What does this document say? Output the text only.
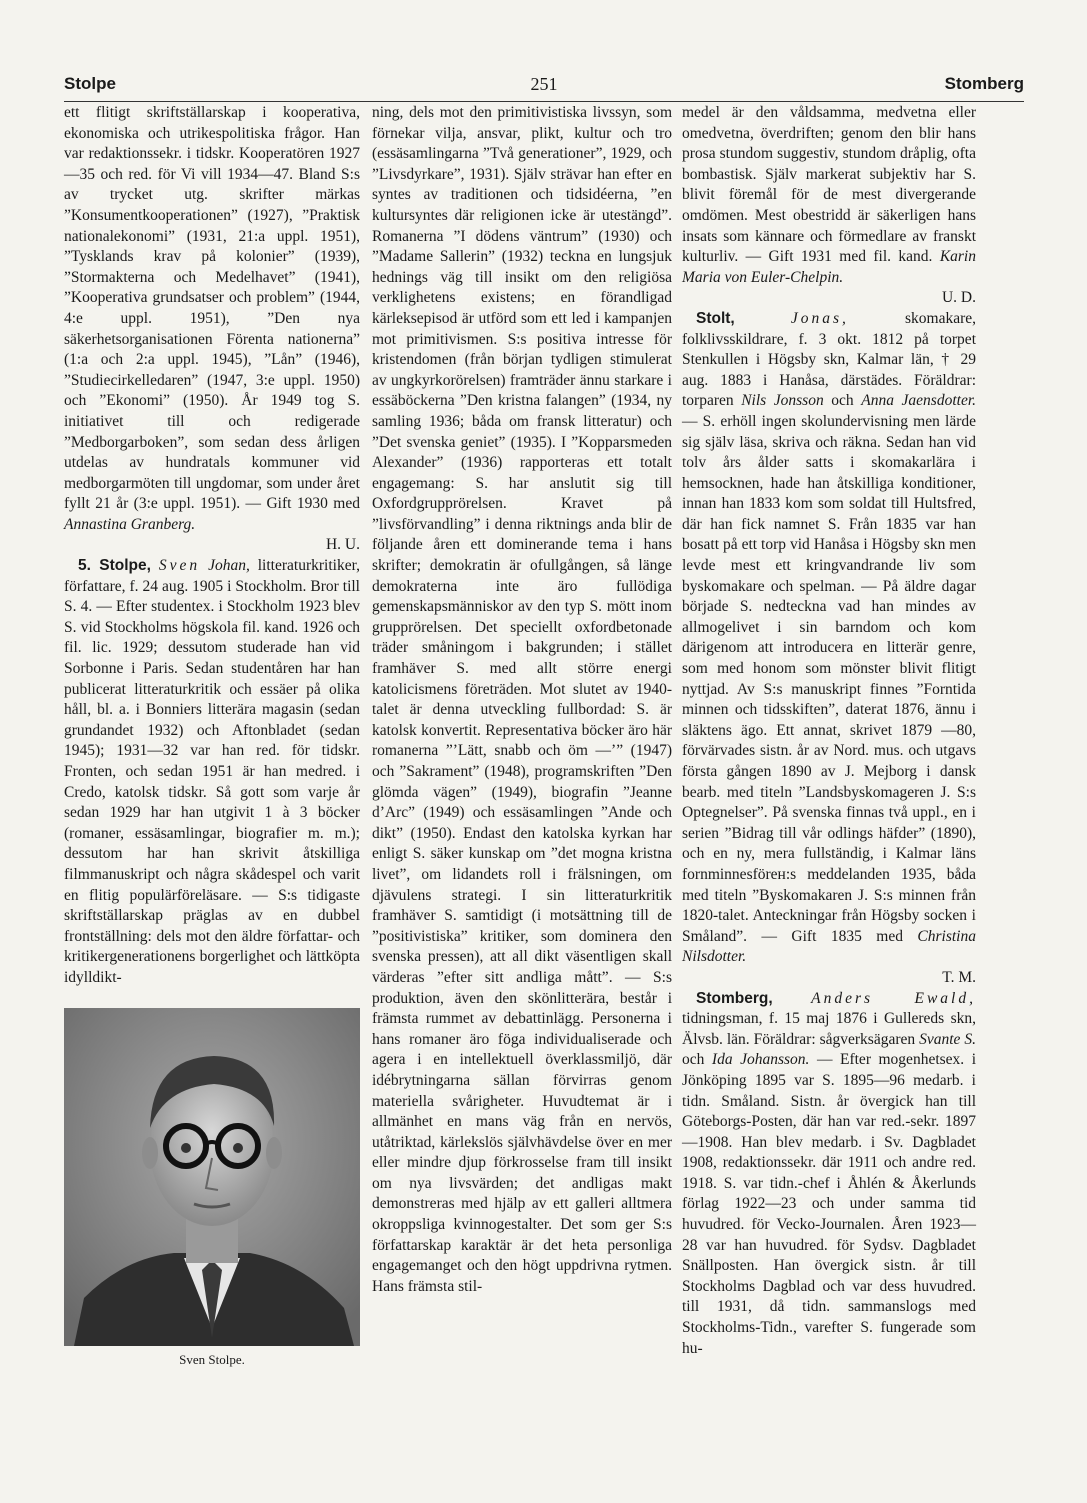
Stolpe	251	Stomberg

ett flitigt skriftställarskap i kooperativa, ekonomiska och utrikespolitiska frågor. Han var redaktionssekr. i tidskr. Kooperatören 1927—35 och red. för Vi vill 1934—47. Bland S:s av trycket utg. skrifter märkas ”Konsumentkooperationen” (1927), ”Praktisk nationalekonomi” (1931, 21:a uppl. 1951), ”Tysklands krav på kolonier” (1939), ”Stormakterna och Medelhavet” (1941), ”Kooperativa grundsatser och problem” (1944, 4:e uppl. 1951), ”Den nya säkerhetsorganisationen Förenta nationerna” (1:a och 2:a uppl. 1945), ”Lån” (1946), ”Studiecirkelledaren” (1947, 3:e uppl. 1950) och ”Ekonomi” (1950). År 1949 tog S. initiativet till och redigerade ”Medborgarboken”, som sedan dess årligen utdelas av hundratals kommuner vid medborgarmöten till ungdomar, som under året fyllt 21 år (3:e uppl. 1951). — Gift 1930 med Annastina Granberg.
H. U.

5. Stolpe, Sven Johan, litteraturkritiker, författare, f. 24 aug. 1905 i Stockholm. Bror till S. 4. — Efter studentex. i Stockholm 1923 blev S. vid Stockholms högskola fil. kand. 1926 och fil. lic. 1929; dessutom studerade han vid Sorbonne i Paris. Sedan studentåren har han publicerat litteraturkritik och essäer på olika håll, bl. a. i Bonniers litterära magasin (sedan grundandet 1932) och Aftonbladet (sedan 1945); 1931—32 var han red. för tidskr. Fronten, och sedan 1951 är han medred. i Credo, katolsk tidskr. Så gott som varje år sedan 1929 har han utgivit 1 à 3 böcker (romaner, essäsamlingar, biografier m. m.); dessutom har han skrivit åtskilliga filmmanuskript och några skådespel och varit en flitig populärföreläsare. — S:s tidigaste skriftställarskap präglas av en dubbel frontställning: dels mot den äldre författar- och kritikergenerationens borgerlighet och lättköpta idylldikt-

Sven Stolpe.

ning, dels mot den primitivistiska livssyn, som förnekar vilja, ansvar, plikt, kultur och tro (essäsamlingarna ”Två generationer”, 1929, och ”Livsdyrkare”, 1931). Själv strävar han efter en syntes av traditionen och tidsidéerna, ”en kultursyntes där religionen icke är utestängd”. Romanerna ”I dödens väntrum” (1930) och ”Madame Sallerin” (1932) teckna en lungsjuk hednings väg till insikt om den religiösa verklighetens existens; en förandligad kärleksepisod är utförd som ett led i kampanjen mot primitivismen. S:s positiva intresse för kristendomen (från början tydligen stimulerat av ungkyrkorörelsen) framträder ännu starkare i essäböckerna ”Den kristna falangen” (1934, ny samling 1936; båda om fransk litteratur) och ”Det svenska geniet” (1935). I ”Kopparsmeden Alexander” (1936) rapporteras ett totalt engagemang: S. har anslutit sig till Oxfordgrupprörelsen. Kravet på ”livsförvandling” i denna riktnings anda blir de följande åren ett dominerande tema i hans skrifter; demokratin är ofullgången, så länge demokraterna inte äro fullödiga gemenskapsmänniskor av den typ S. mött inom grupprörelsen. Det speciellt oxfordbetonade träder småningom i bakgrunden; i stället framhäver S. med allt större energi katolicismens företräden. Mot slutet av 1940-talet är denna utveckling fullbordad: S. är katolsk konvertit. Representativa böcker äro här romanerna ”’Lätt, snabb och öm —’” (1947) och ”Sakrament” (1948), programskriften ”Den glömda vägen” (1949), biografin ”Jeanne d’Arc” (1949) och essäsamlingen ”Ande och dikt” (1950). Endast den katolska kyrkan har enligt S. säker kunskap om ”det mogna kristna livet”, om lidandets roll i frälsningen, om djävulens strategi. I sin litteraturkritik framhäver S. samtidigt (i motsättning till de ”positivistiska” kritiker, som dominera den svenska pressen), att all dikt väsentligen skall värderas ”efter sitt andliga mått”. — S:s produktion, även den skönlitterära, består i främsta rummet av debattinlägg. Personerna i hans romaner äro föga individualiserade och agera i en intellektuell överklassmiljö, där idébrytningarna sällan förvirras genom materiella svårigheter. Huvudtemat är i allmänhet en mans väg från en nervös, utåtriktad, kärlekslös självhävdelse över en mer eller mindre djup förkrosselse fram till insikt om nya livsvärden; det andligas makt demonstreras med hjälp av ett galleri alltmera okroppsliga kvinnogestalter. Det som ger S:s författarskap karaktär är det heta personliga engagemanget och den högt uppdrivna rytmen. Hans främsta stil-

medel är den våldsamma, medvetna eller omedvetna, överdriften; genom den blir hans prosa stundom suggestiv, stundom dråplig, ofta bombastisk. Själv markerat subjektiv har S. blivit föremål för de mest divergerande omdömen. Mest obestridd är säkerligen hans insats som kännare och förmedlare av franskt kulturliv. — Gift 1931 med fil. kand. Karin Maria von Euler-Chelpin.
U. D.

Stolt,	Jonas,	skomakare, folklivsskildrare, f. 3 okt. 1812 på torpet Stenkullen i Högsby skn, Kalmar län, † 29 aug. 1883 i Hanåsa, därstädes. Föräldrar: torparen Nils Jonsson och Anna Jaensdotter. — S. erhöll ingen skolundervisning men lärde sig själv läsa, skriva och räkna. Sedan han vid tolv års ålder satts i skomakarlära i hemsocknen, hade han åtskilliga konditioner, innan han 1833 kom som soldat till Hultsfred, där han fick namnet S. Från 1835 var han bosatt på ett torp vid Hanåsa i Högsby skn men levde mest ett kringvandrande liv som byskomakare och spelman. — På äldre dagar började S. nedteckna vad han mindes av allmogelivet i sin barndom och kom därigenom att introducera en litterär genre, som med honom som mönster blivit flitigt nyttjad. Av S:s manuskript finnes ”Forntida minnen och tidsskiften”, daterat 1876, ännu i släktens ägo. Ett annat, skrivet 1879 —80, förvärvades sistn. år av Nord. mus. och utgavs första gången 1890 av J. Mejborg i dansk bearb. med titeln ”Landsbyskomageren J. S:s Optegnelser”. På svenska finnas två uppl., en i serien ”Bidrag till vår odlings häfder” (1890), och en ny, mera fullständig, i Kalmar läns fornminnesförен:s meddelanden 1935, båda med titeln ”Byskomakaren J. S:s minnen från 1820-talet. Anteckningar från Högsby socken i Småland”. — Gift 1835 med Christina Nilsdotter.
T. M.

Stomberg, Anders Ewald, tidningsman, f. 15 maj 1876 i Gullereds skn, Älvsb. län. Föräldrar: sågverksägaren Svante S. och Ida Johansson. — Efter mogenhetsex. i Jönköping 1895 var S. 1895—96 medarb. i tidn. Småland. Sistn. år övergick han till Göteborgs-Posten, där han var red.-sekr. 1897—1908. Han blev medarb. i Sv. Dagbladet 1908, redaktionssekr. där 1911 och andre red. 1918. S. var tidn.-chef i Åhlén & Åkerlunds förlag 1922—23 och under samma tid huvudred. för Vecko-Journalen. Åren 1923—28 var han huvudred. för Sydsv. Dagbladet Snällposten. Han övergick sistn. år till Stockholms Dagblad och var dess huvudred. till 1931, då tidn. sammanslogs med Stockholms-Tidn., varefter S. fungerade som hu-
